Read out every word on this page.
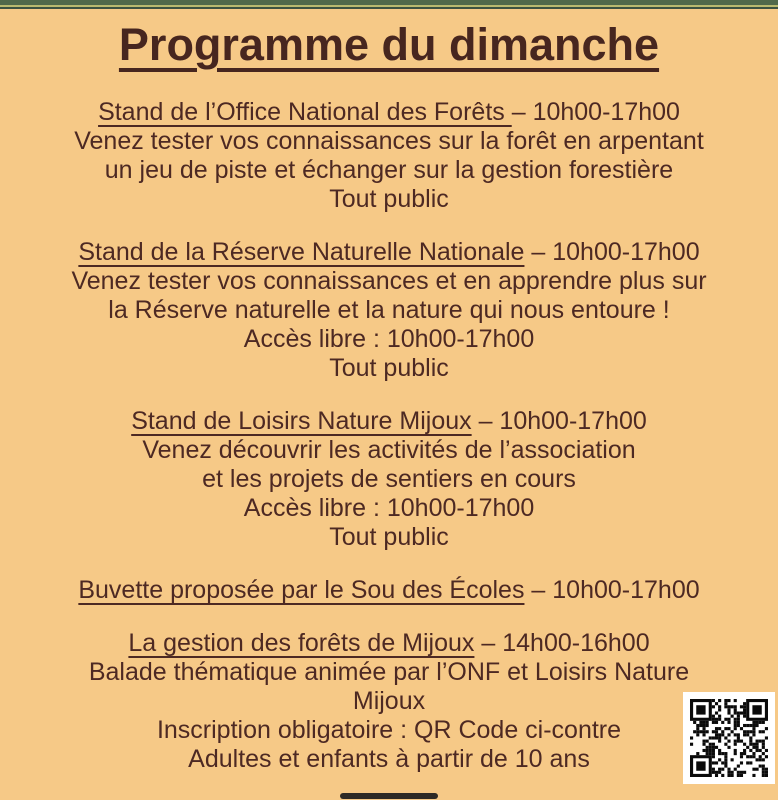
Programme du dimanche
Stand de l’Office National des Forêts – 10h00-17h00
Venez tester vos connaissances sur la forêt en arpentant
un jeu de piste et échanger sur la gestion forestière
Tout public
Stand de la Réserve Naturelle Nationale – 10h00-17h00
Venez tester vos connaissances et en apprendre plus sur
la Réserve naturelle et la nature qui nous entoure !
Accès libre : 10h00-17h00
Tout public
Stand de Loisirs Nature Mijoux – 10h00-17h00
Venez découvrir les activités de l’association
et les projets de sentiers en cours
Accès libre : 10h00-17h00
Tout public
Buvette proposée par le Sou des Écoles – 10h00-17h00
La gestion des forêts de Mijoux – 14h00-16h00
Balade thématique animée par l’ONF et Loisirs Nature
Mijoux
Inscription obligatoire : QR Code ci-contre
Adultes et enfants à partir de 10 ans
